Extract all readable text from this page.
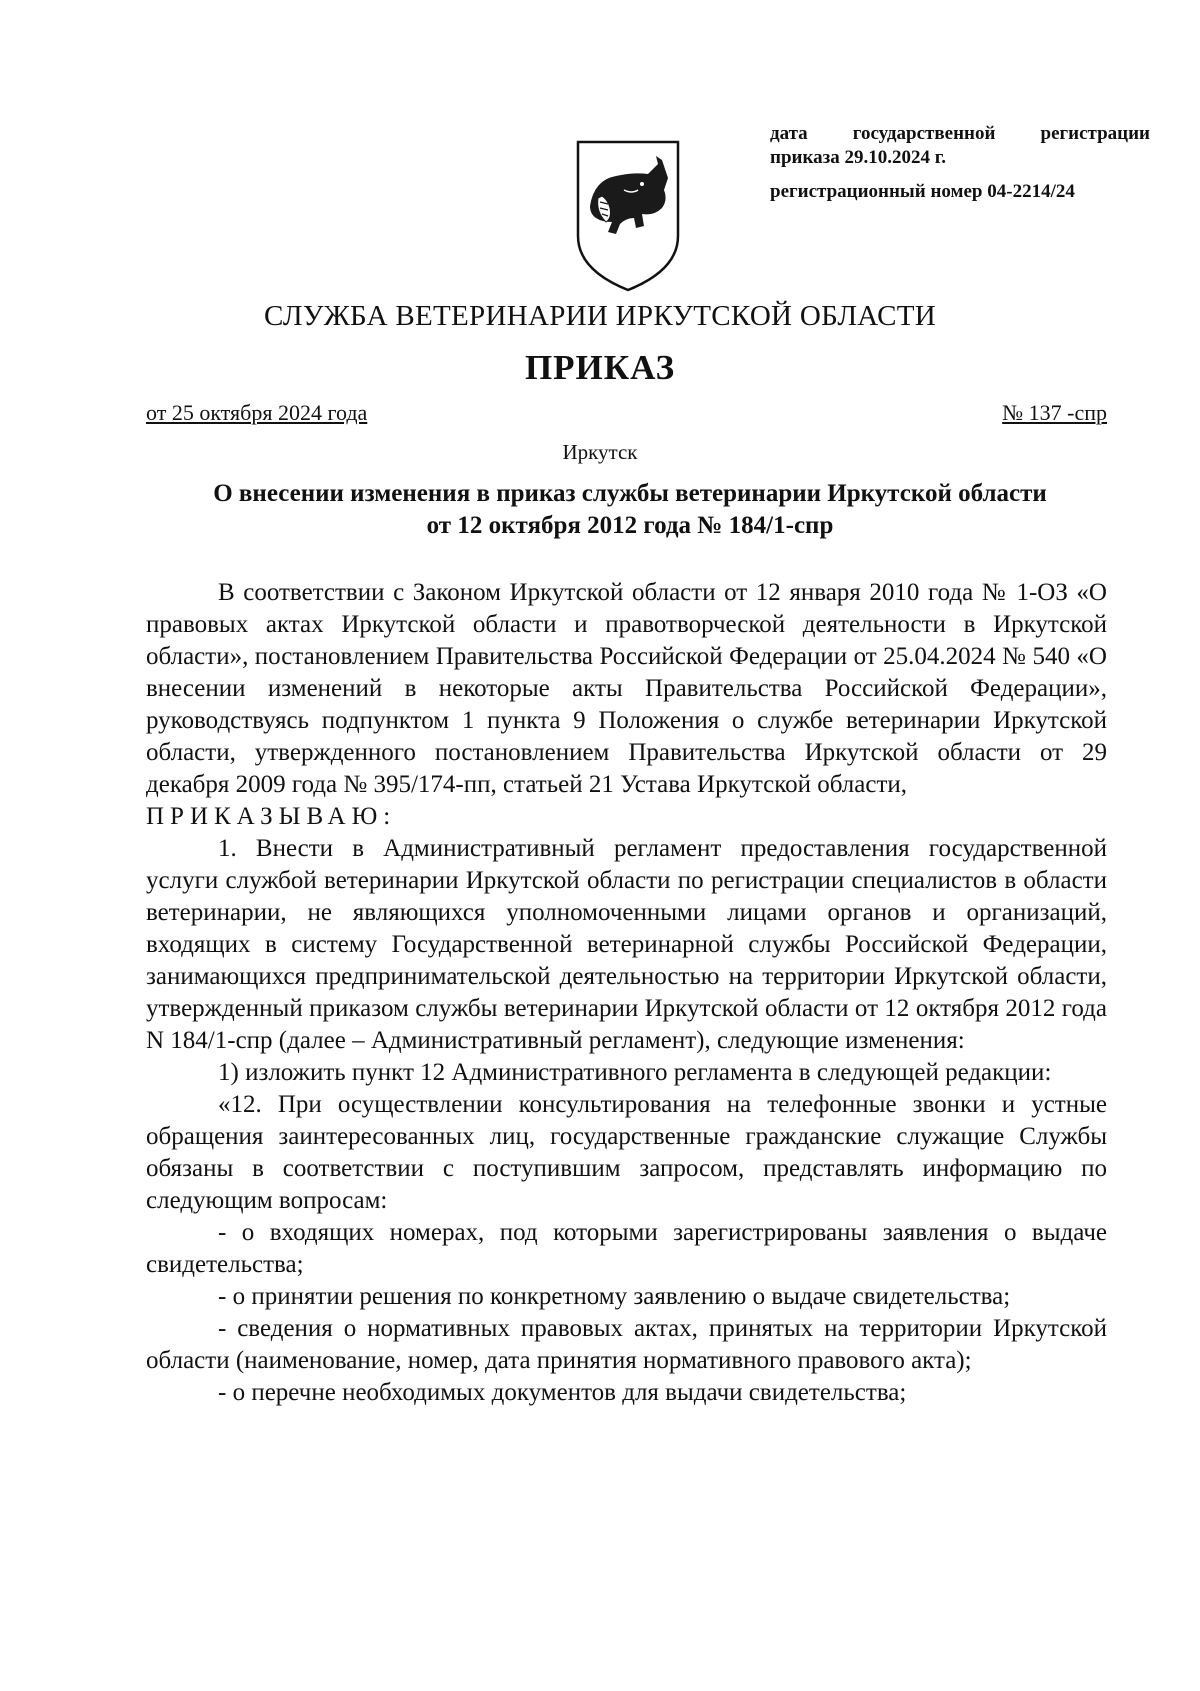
дата государственной регистрации
приказа 29.10.2024 г.
регистрационный номер 04-2214/24
СЛУЖБА ВЕТЕРИНАРИИ ИРКУТСКОЙ ОБЛАСТИ
ПРИКАЗ
от 25 октября 2024 года	№ 137 -спр
Иркутск
О внесении изменения в приказ службы ветеринарии Иркутской области
от 12 октября 2012 года № 184/1-спр

В соответствии с Законом Иркутской области от 12 января 2010 года № 1-ОЗ «О правовых актах Иркутской области и правотворческой деятельности в Иркутской области», постановлением Правительства Российской Федерации от 25.04.2024 № 540 «О внесении изменений в некоторые акты Правительства Российской Федерации», руководствуясь подпунктом 1 пункта 9 Положения о службе ветеринарии Иркутской области, утвержденного постановлением Правительства Иркутской области от 29 декабря 2009 года № 395/174-пп, статьей 21 Устава Иркутской области,

ПРИКАЗЫВАЮ:

1. Внести в Административный регламент предоставления государственной услуги службой ветеринарии Иркутской области по регистрации специалистов в области ветеринарии, не являющихся уполномоченными лицами органов и организаций, входящих в систему Государственной ветеринарной службы Российской Федерации, занимающихся предпринимательской деятельностью на территории Иркутской области, утвержденный приказом службы ветеринарии Иркутской области от 12 октября 2012 года N 184/1-спр (далее – Административный регламент), следующие изменения:

1) изложить пункт 12 Административного регламента в следующей редакции:

«12. При осуществлении консультирования на телефонные звонки и устные обращения заинтересованных лиц, государственные гражданские служащие Службы обязаны в соответствии с поступившим запросом, представлять информацию по следующим вопросам:

- о входящих номерах, под которыми зарегистрированы заявления о выдаче свидетельства;

- о принятии решения по конкретному заявлению о выдаче свидетельства;

- сведения о нормативных правовых актах, принятых на территории Иркутской области (наименование, номер, дата принятия нормативного правового акта);

- о перечне необходимых документов для выдачи свидетельства;
